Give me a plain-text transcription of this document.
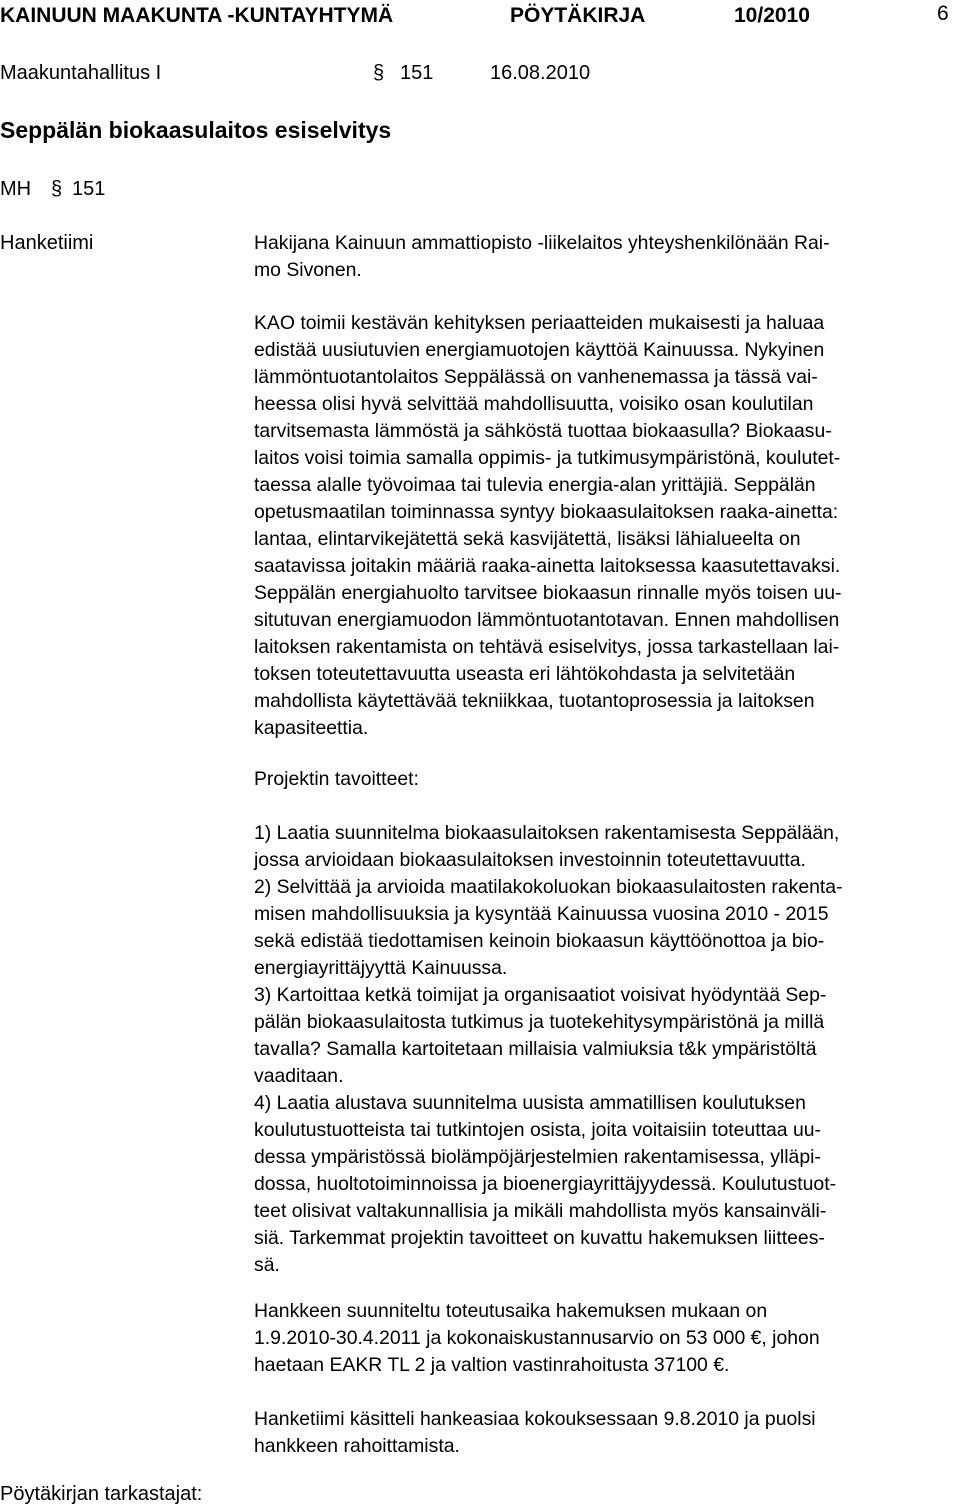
KAINUUN MAAKUNTA -KUNTAYHTYMÄ	PÖYTÄKIRJA	10/2010	6
Maakuntahallitus I	§ 151	16.08.2010
Seppälän biokaasulaitos esiselvitys
MH § 151
Hanketiimi	Hakijana Kainuun ammattiopisto -liikelaitos yhteyshenkilönään Rai-
mo Sivonen.
KAO toimii kestävän kehityksen periaatteiden mukaisesti ja haluaa
edistää uusiutuvien energiamuotojen käyttöä Kainuussa. Nykyinen
lämmöntuotantolaitos Seppälässä on vanhenemassa ja tässä vai-
heessa olisi hyvä selvittää mahdollisuutta, voisiko osan koulutilan
tarvitsemasta lämmöstä ja sähköstä tuottaa biokaasulla? Biokaasu-
laitos voisi toimia samalla oppimis- ja tutkimusympäristönä, koulutet-
taessa alalle työvoimaa tai tulevia energia-alan yrittäjiä. Seppälän
opetusmaatilan toiminnassa syntyy biokaasulaitoksen raaka-ainetta:
lantaa, elintarvikejätettä sekä kasvijätettä, lisäksi lähialueelta on
saatavissa joitakin määriä raaka-ainetta laitoksessa kaasutettavaksi.
Seppälän energiahuolto tarvitsee biokaasun rinnalle myös toisen uu-
situtuvan energiamuodon lämmöntuotantotavan. Ennen mahdollisen
laitoksen rakentamista on tehtävä esiselvitys, jossa tarkastellaan lai-
toksen toteutettavuutta useasta eri lähtökohdasta ja selvitetään
mahdollista käytettävää tekniikkaa, tuotantoprosessia ja laitoksen
kapasiteettia.
Projektin tavoitteet:
1) Laatia suunnitelma biokaasulaitoksen rakentamisesta Seppälään,
jossa arvioidaan biokaasulaitoksen investoinnin toteutettavuutta.
2) Selvittää ja arvioida maatilakokoluokan biokaasulaitosten rakenta-
misen mahdollisuuksia ja kysyntää Kainuussa vuosina 2010 - 2015
sekä edistää tiedottamisen keinoin biokaasun käyttöönottoa ja bio-
energiayrittäjyyttä Kainuussa.
3) Kartoittaa ketkä toimijat ja organisaatiot voisivat hyödyntää Sep-
pälän biokaasulaitosta tutkimus ja tuotekehitysympäristönä ja millä
tavalla? Samalla kartoitetaan millaisia valmiuksia t&k ympäristöltä
vaaditaan.
4) Laatia alustava suunnitelma uusista ammatillisen koulutuksen
koulutustuotteista tai tutkintojen osista, joita voitaisiin toteuttaa uu-
dessa ympäristössä biolämpöjärjestelmien rakentamisessa, ylläpi-
dossa, huoltotoiminnoissa ja bioenergiayrittäjyydessä. Koulutustuot-
teet olisivat valtakunnallisia ja mikäli mahdollista myös kansainväli-
siä. Tarkemmat projektin tavoitteet on kuvattu hakemuksen liittees-
sä.
Hankkeen suunniteltu toteutusaika hakemuksen mukaan on
1.9.2010-30.4.2011 ja kokonaiskustannusarvio on 53 000 €, johon
haetaan EAKR TL 2 ja valtion vastinrahoitusta 37100 €.
Hanketiimi käsitteli hankeasiaa kokouksessaan 9.8.2010 ja puolsi
hankkeen rahoittamista.
Pöytäkirjan tarkastajat:
